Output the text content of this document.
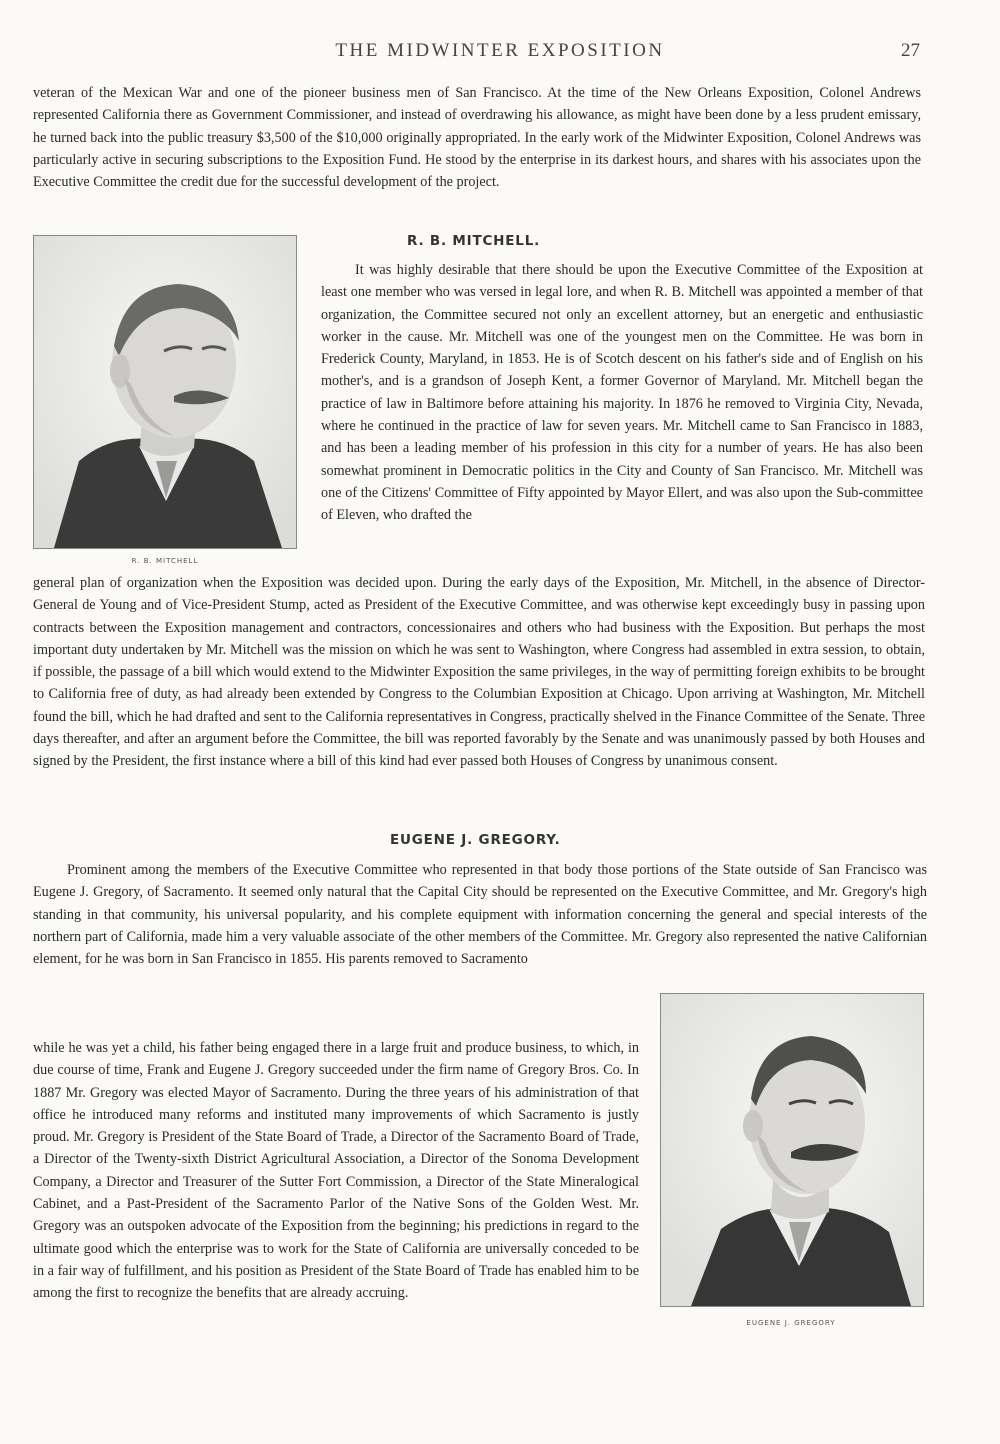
THE MIDWINTER EXPOSITION	27

veteran of the Mexican War and one of the pioneer business men of San Francisco. At the time of the New Orleans Exposition, Colonel Andrews represented California there as Government Commissioner, and instead of overdrawing his allowance, as might have been done by a less prudent emissary, he turned back into the public treasury $3,500 of the $10,000 originally appropriated. In the early work of the Midwinter Exposition, Colonel Andrews was particularly active in securing subscriptions to the Exposition Fund. He stood by the enterprise in its darkest hours, and shares with his associates upon the Executive Committee the credit due for the successful development of the project.

R. B. MITCHELL
R. B. MITCHELL.

It was highly desirable that there should be upon the Executive Committee of the Exposition at least one member who was versed in legal lore, and when R. B. Mitchell was appointed a member of that organization, the Committee secured not only an excellent attorney, but an energetic and enthusiastic worker in the cause. Mr. Mitchell was one of the youngest men on the Committee. He was born in Frederick County, Maryland, in 1853. He is of Scotch descent on his father's side and of English on his mother's, and is a grandson of Joseph Kent, a former Governor of Maryland. Mr. Mitchell began the practice of law in Baltimore before attaining his majority. In 1876 he removed to Virginia City, Nevada, where he continued in the practice of law for seven years. Mr. Mitchell came to San Francisco in 1883, and has been a leading member of his profession in this city for a number of years. He has also been somewhat prominent in Democratic politics in the City and County of San Francisco. Mr. Mitchell was one of the Citizens' Committee of Fifty appointed by Mayor Ellert, and was also upon the Sub-committee of Eleven, who drafted the

general plan of organization when the Exposition was decided upon. During the early days of the Exposition, Mr. Mitchell, in the absence of Director-General de Young and of Vice-President Stump, acted as President of the Executive Committee, and was otherwise kept exceedingly busy in passing upon contracts between the Exposition management and contractors, concessionaires and others who had business with the Exposition. But perhaps the most important duty undertaken by Mr. Mitchell was the mission on which he was sent to Washington, where Congress had assembled in extra session, to obtain, if possible, the passage of a bill which would extend to the Midwinter Exposition the same privileges, in the way of permitting foreign exhibits to be brought to California free of duty, as had already been extended by Congress to the Columbian Exposition at Chicago. Upon arriving at Washington, Mr. Mitchell found the bill, which he had drafted and sent to the California representatives in Congress, practically shelved in the Finance Committee of the Senate. Three days thereafter, and after an argument before the Committee, the bill was reported favorably by the Senate and was unanimously passed by both Houses and signed by the President, the first instance where a bill of this kind had ever passed both Houses of Congress by unanimous consent.

EUGENE J. GREGORY.

Prominent among the members of the Executive Committee who represented in that body those portions of the State outside of San Francisco was Eugene J. Gregory, of Sacramento. It seemed only natural that the Capital City should be represented on the Executive Committee, and Mr. Gregory's high standing in that community, his universal popularity, and his complete equipment with information concerning the general and special interests of the northern part of California, made him a very valuable associate of the other members of the Committee. Mr. Gregory also represented the native Californian element, for he was born in San Francisco in 1855. His parents removed to Sacramento

EUGENE J. GREGORY

while he was yet a child, his father being engaged there in a large fruit and produce business, to which, in due course of time, Frank and Eugene J. Gregory succeeded under the firm name of Gregory Bros. Co. In 1887 Mr. Gregory was elected Mayor of Sacramento. During the three years of his administration of that office he introduced many reforms and instituted many improvements of which Sacramento is justly proud. Mr. Gregory is President of the State Board of Trade, a Director of the Sacramento Board of Trade, a Director of the Twenty-sixth District Agricultural Association, a Director of the Sonoma Development Company, a Director and Treasurer of the Sutter Fort Commission, a Director of the State Mineralogical Cabinet, and a Past-President of the Sacramento Parlor of the Native Sons of the Golden West. Mr. Gregory was an outspoken advocate of the Exposition from the beginning; his predictions in regard to the ultimate good which the enterprise was to work for the State of California are universally conceded to be in a fair way of fulfillment, and his position as President of the State Board of Trade has enabled him to be among the first to recognize the benefits that are already accruing.
